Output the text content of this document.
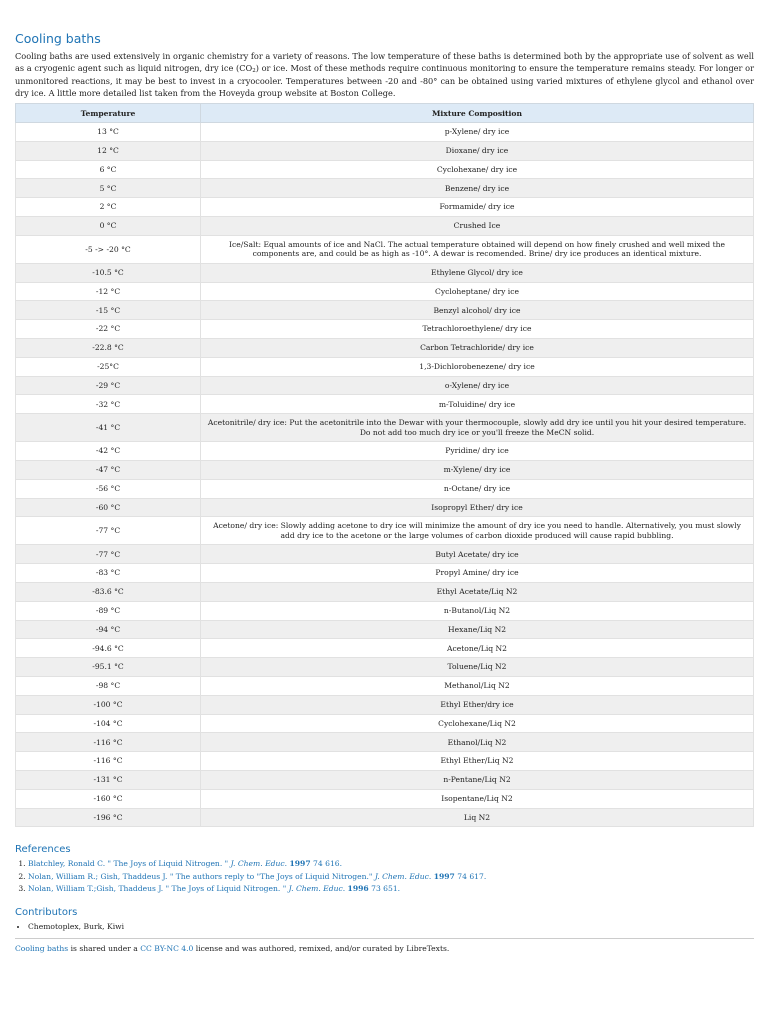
Cooling baths

Cooling baths are used extensively in organic chemistry for a variety of reasons. The low temperature of these baths is determined both by the appropriate use of solvent as well as a cryogenic agent such as liquid nitrogen, dry ice $(CO_2)$ or ice. Most of these methods require continuous monitoring to ensure the temperature remains steady. For longer or unmonitored reactions, it may be best to invest in a cryocooler. Temperatures between -20 and -80° can be obtained using varied mixtures of ethylene glycol and ethanol over dry ice. A little more detailed list taken from the Hoveyda group website at Boston College.

Temperature	Mixture Composition
13 °C	p-Xylene/ dry ice
12 °C	Dioxane/ dry ice
6 °C	Cyclohexane/ dry ice
5 °C	Benzene/ dry ice
2 °C	Formamide/ dry ice
0 °C	Crushed Ice
-5 -> -20 °C	Ice/Salt: Equal amounts of ice and NaCl. The actual temperature obtained will depend on how finely crushed and well mixed the components are, and could be as high as -10°. A dewar is recomended. Brine/ dry ice produces an identical mixture.
-10.5 °C	Ethylene Glycol/ dry ice
-12 °C	Cycloheptane/ dry ice
-15 °C	Benzyl alcohol/ dry ice
-22 °C	Tetrachloroethylene/ dry ice
-22.8 °C	Carbon Tetrachloride/ dry ice
-25°C	1,3-Dichlorobenezene/ dry ice
-29 °C	o-Xylene/ dry ice
-32 °C	m-Toluidine/ dry ice
-41 °C	Acetonitrile/ dry ice: Put the acetonitrile into the Dewar with your thermocouple, slowly add dry ice until you hit your desired temperature. Do not add too much dry ice or you'll freeze the MeCN solid.
-42 °C	Pyridine/ dry ice
-47 °C	m-Xylene/ dry ice
-56 °C	n-Octane/ dry ice
-60 °C	Isopropyl Ether/ dry ice
-77 °C	Acetone/ dry ice: Slowly adding acetone to dry ice will minimize the amount of dry ice you need to handle. Alternatively, you must slowly add dry ice to the acetone or the large volumes of carbon dioxide produced will cause rapid bubbling.
-77 °C	Butyl Acetate/ dry ice
-83 °C	Propyl Amine/ dry ice
-83.6 °C	Ethyl Acetate/Liq N2
-89 °C	n-Butanol/Liq N2
-94 °C	Hexane/Liq N2
-94.6 °C	Acetone/Liq N2
-95.1 °C	Toluene/Liq N2
-98 °C	Methanol/Liq N2
-100 °C	Ethyl Ether/dry ice
-104 °C	Cyclohexane/Liq N2
-116 °C	Ethanol/Liq N2
-116 °C	Ethyl Ether/Liq N2
-131 °C	n-Pentane/Liq N2
-160 °C	Isopentane/Liq N2
-196 °C	Liq N2
References
1. Blatchley, Ronald C. " The Joys of Liquid Nitrogen. " J. Chem. Educ. 1997 74 616.
2. Nolan, William R.; Gish, Thaddeus J. " The authors reply to "The Joys of Liquid Nitrogen." J. Chem. Educ. 1997 74 617.
3. Nolan, William T.;Gish, Thaddeus J. " The Joys of Liquid Nitrogen. " J. Chem. Educ. 1996 73 651.
Contributors
• Chemotoplex, Burk, Kiwi
Cooling baths is shared under a CC BY-NC 4.0 license and was authored, remixed, and/or curated by LibreTexts.
